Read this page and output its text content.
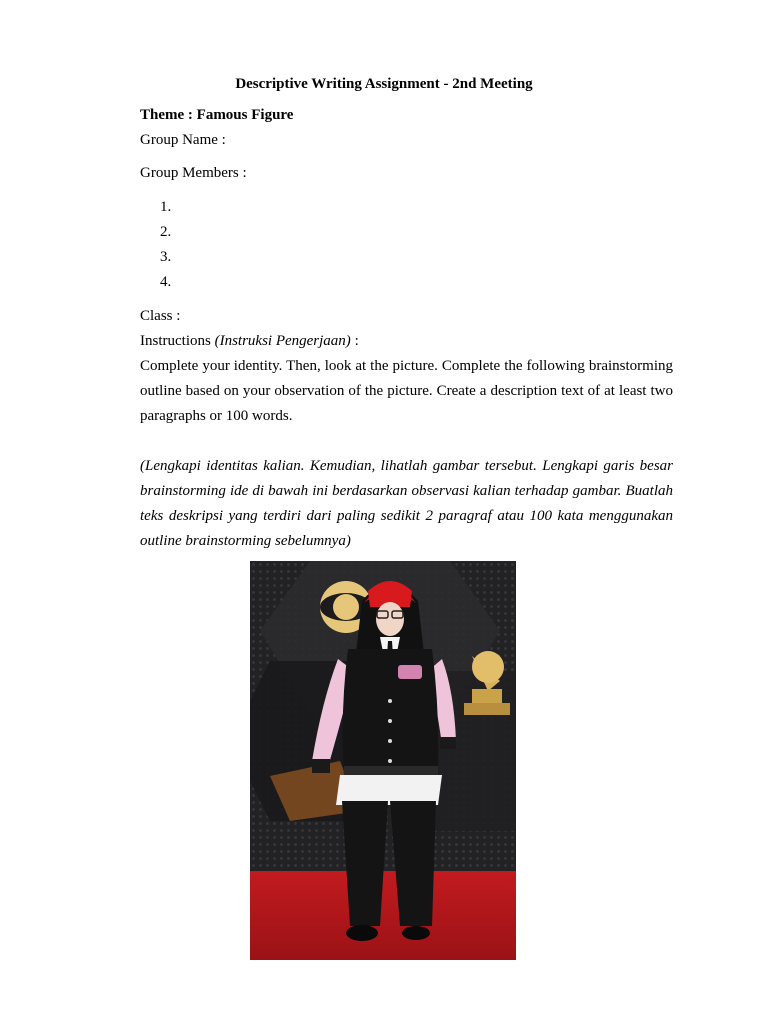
Descriptive Writing Assignment - 2nd Meeting
Theme : Famous Figure
Group Name :
Group Members :
1.
2.
3.
4.
Class :
Instructions (Instruksi Pengerjaan) :
Complete your identity. Then, look at the picture. Complete the following brainstorming outline based on your observation of the picture. Create a description text of at least two paragraphs or 100 words.
(Lengkapi identitas kalian. Kemudian, lihatlah gambar tersebut. Lengkapi garis besar brainstorming ide di bawah ini berdasarkan observasi kalian terhadap gambar. Buatlah teks deskripsi yang terdiri dari paling sedikit 2 paragraf atau 100 kata menggunakan outline brainstorming sebelumnya)
